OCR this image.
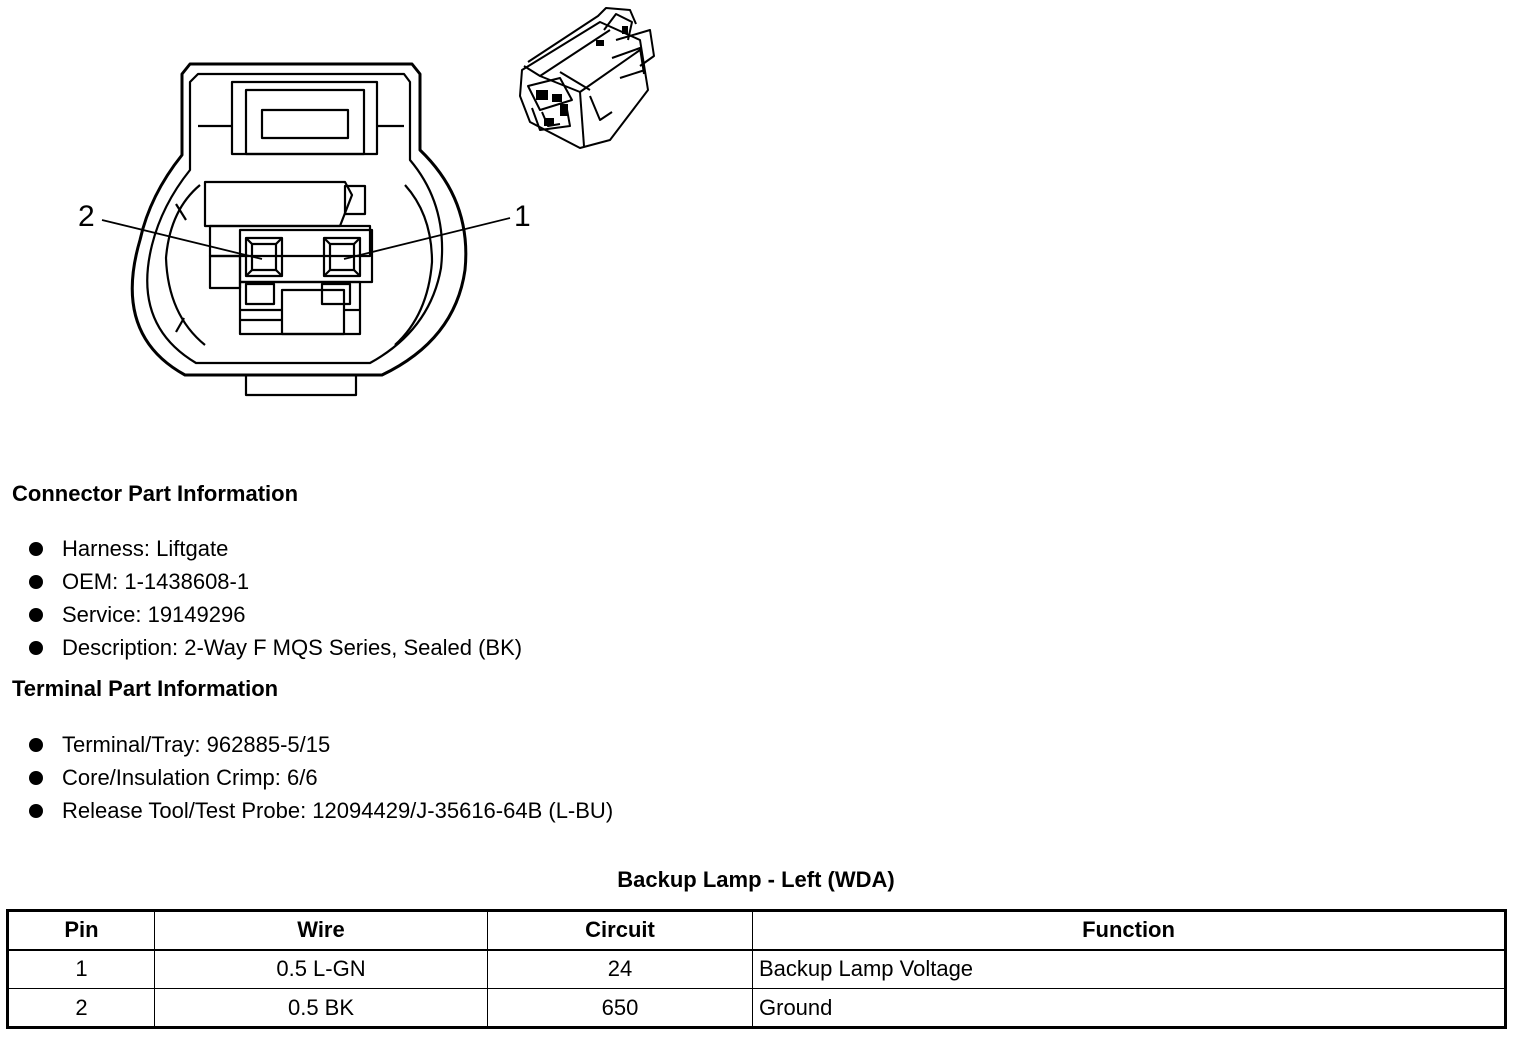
2	1
Connector Part Information
Harness: Liftgate
OEM: 1-1438608-1
Service: 19149296
Description: 2-Way F MQS Series, Sealed (BK)
Terminal Part Information
Terminal/Tray: 962885-5/15
Core/Insulation Crimp: 6/6
Release Tool/Test Probe: 12094429/J-35616-64B (L-BU)
Backup Lamp - Left (WDA)
Pin	Wire	Circuit	Function
1	0.5 L-GN	24	Backup Lamp Voltage
2	0.5 BK	650	Ground
